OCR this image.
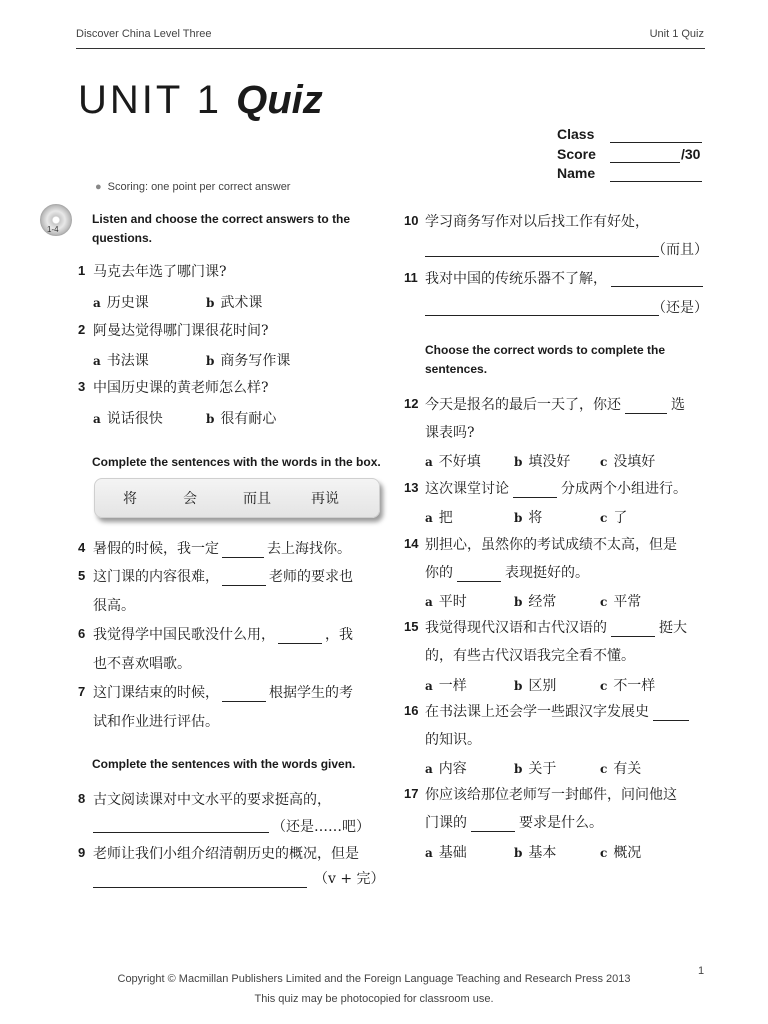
Discover China Level Three	Unit 1 Quiz
UNIT 1 Quiz
Class
Score	/30
Name
● Scoring: one point per correct answer
1-4
Listen and choose the correct answers to the
questions.
1 马克去年选了哪门课?
a 历史课	b 武术课
2 阿曼达觉得哪门课很花时间?
a 书法课	b 商务写作课
3 中国历史课的黄老师怎么样?
a 说话很快	b 很有耐心
Complete the sentences with the words in the box.
将	会	而且	再说
4 暑假的时候，我一定	去上海找你。
5 这门课的内容很难，	老师的要求也
很高。
6 我觉得学中国民歌没什么用，	，我
也不喜欢唱歌。
7 这门课结束的时候，	根据学生的考
试和作业进行评估。
Complete the sentences with the words given.
8 古文阅读课对中文水平的要求挺高的，
（还是……吧）
9 老师让我们小组介绍清朝历史的概况，但是
（v + 完）
10 学习商务写作对以后找工作有好处，
（而且）
11 我对中国的传统乐器不了解，
（还是）
Choose the correct words to complete the
sentences.
12 今天是报名的最后一天了，你还	选
课表吗?
a 不好填	b 填没好 c 没填好
13 这次课堂讨论	分成两个小组进行。
a 把	b 将	c 了
14 别担心，虽然你的考试成绩不太高，但是
你的	表现挺好的。
a 平时	b 经常	c 平常
15 我觉得现代汉语和古代汉语的	挺大
的，有些古代汉语我完全看不懂。
a 一样	b 区别	c 不一样
16 在书法课上还会学一些跟汉字发展史
的知识。
a 内容	b 关于	c 有关
17 你应该给那位老师写一封邮件，问问他这
门课的	要求是什么。
a 基础	b 基本	c 概况
1
Copyright © Macmillan Publishers Limited and the Foreign Language Teaching and Research Press 2013
This quiz may be photocopied for classroom use.
